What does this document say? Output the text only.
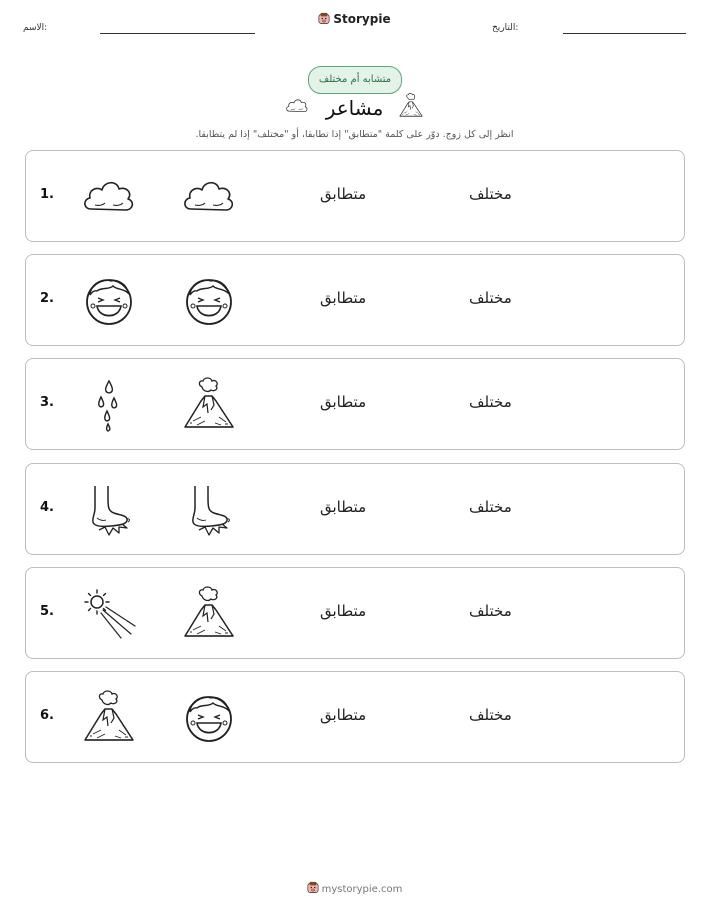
الاسم:
Storypie
التاريخ:
متشابه أم مختلف
مشاعر
انظر إلى كل زوج. دوّر على كلمة "متطابق" إذا تطابقا، أو "مختلف" إذا لم يتطابقا.
1.	متطابق	مختلف
2.	متطابق	مختلف
3.	متطابق	مختلف
4.	متطابق	مختلف
5.	متطابق	مختلف
6.	متطابق	مختلف
mystorypie.com
